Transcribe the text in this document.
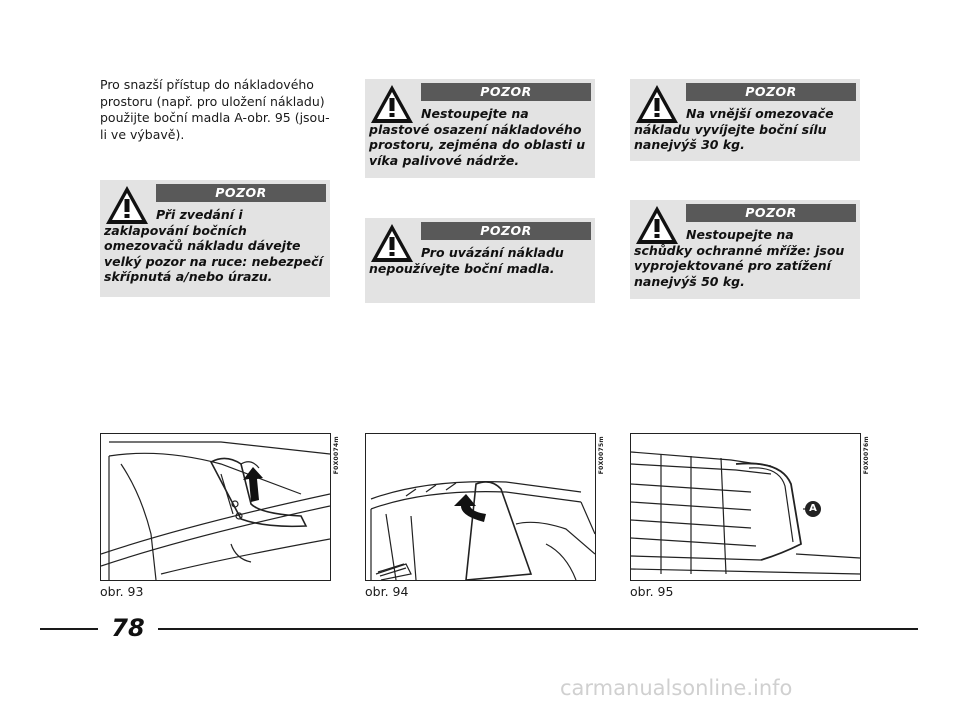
Pro snazší přístup do nákladového prostoru (např. pro uložení nákladu) použijte boční madla A-obr. 95 (jsou-li ve výbavě).
POZOR
Při zvedání i zaklapování bočních omezovačů nákladu dávejte velký pozor na ruce: nebezpečí skřípnutá a/nebo úrazu.
POZOR
Nestoupejte na plastové osazení nákladového prostoru, zejména do oblasti u víka palivové nádrže.
POZOR
Pro uvázání nákladu nepoužívejte boční madla.
POZOR
Na vnější omezovače nákladu vyvíjejte boční sílu nanejvýš 30 kg.
POZOR
Nestoupejte na schůdky ochranné mříže: jsou vyprojektované pro zatížení nanejvýš 50 kg.
F0X0074m
obr. 93
F0X0075m
obr. 94
A
F0X0076m
obr. 95
78
carmanualsonline.info
